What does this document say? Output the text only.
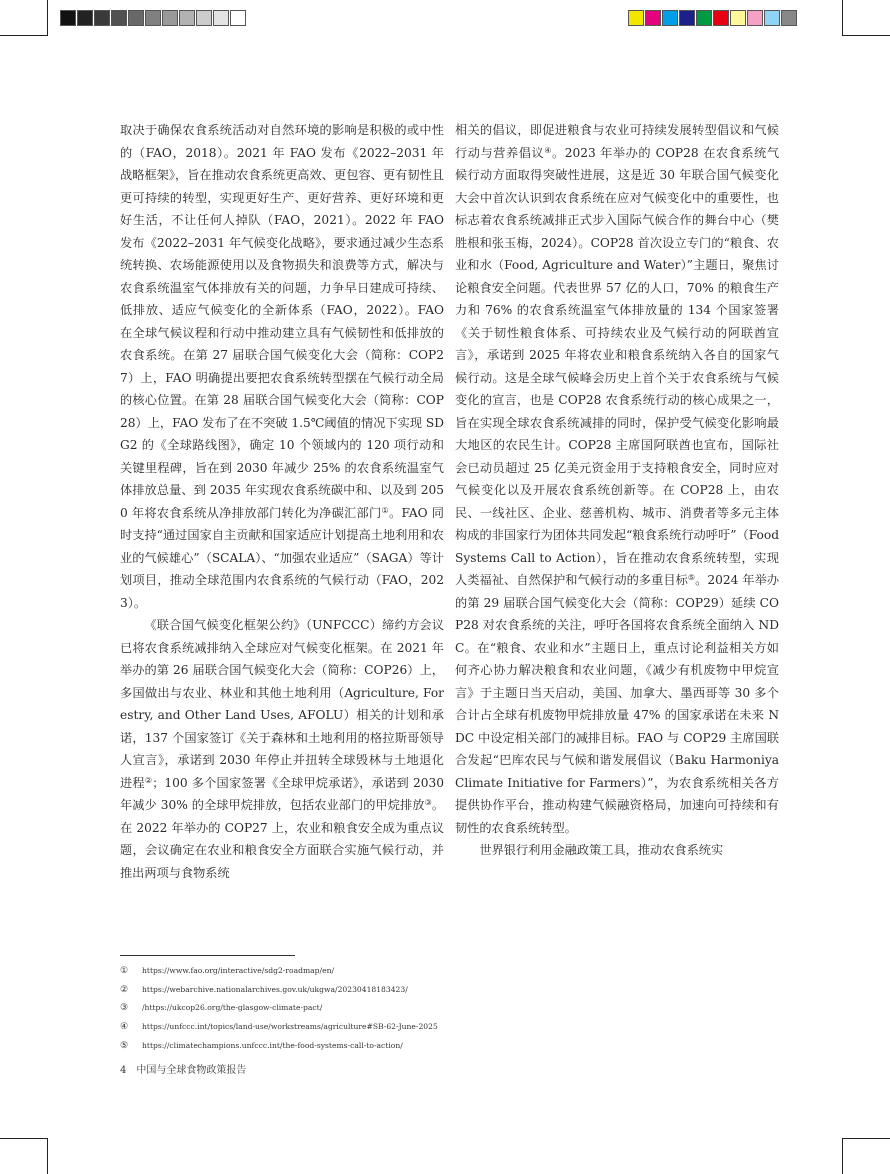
取决于确保农食系统活动对自然环境的影响是积极的或中性的（FAO，2018）。2021 年 FAO 发布《2022–2031 年战略框架》，旨在推动农食系统更高效、更包容、更有韧性且更可持续的转型，实现更好生产、更好营养、更好环境和更好生活，不让任何人掉队（FAO，2021）。2022 年 FAO 发布《2022–2031 年气候变化战略》，要求通过减少生态系统转换、农场能源使用以及食物损失和浪费等方式，解决与农食系统温室气体排放有关的问题，力争早日建成可持续、低排放、适应气候变化的全新体系（FAO，2022）。FAO 在全球气候议程和行动中推动建立具有气候韧性和低排放的农食系统。在第 27 届联合国气候变化大会（简称：COP27）上，FAO 明确提出要把农食系统转型摆在气候行动全局的核心位置。在第 28 届联合国气候变化大会（简称：COP28）上，FAO 发布了在不突破 1.5℃阈值的情况下实现 SDG2 的《全球路线图》，确定 10 个领域内的 120 项行动和关键里程碑，旨在到 2030 年减少 25% 的农食系统温室气体排放总量、到 2035 年实现农食系统碳中和、以及到 2050 年将农食系统从净排放部门转化为净碳汇部门①。FAO 同时支持“通过国家自主贡献和国家适应计划提高土地利用和农业的气候雄心”（SCALA）、“加强农业适应”（SAGA）等计划项目，推动全球范围内农食系统的气候行动（FAO，2023）。

《联合国气候变化框架公约》（UNFCCC）缔约方会议已将农食系统减排纳入全球应对气候变化框架。在 2021 年举办的第 26 届联合国气候变化大会（简称：COP26）上，多国做出与农业、林业和其他土地利用（Agriculture, Forestry, and Other Land Uses, AFOLU）相关的计划和承诺，137 个国家签订《关于森林和土地利用的格拉斯哥领导人宣言》，承诺到 2030 年停止并扭转全球毁林与土地退化进程②；100 多个国家签署《全球甲烷承诺》，承诺到 2030 年减少 30% 的全球甲烷排放，包括农业部门的甲烷排放③。在 2022 年举办的 COP27 上，农业和粮食安全成为重点议题，会议确定在农业和粮食安全方面联合实施气候行动，并推出两项与食物系统

相关的倡议，即促进粮食与农业可持续发展转型倡议和气候行动与营养倡议④。2023 年举办的 COP28 在农食系统气候行动方面取得突破性进展，这是近 30 年联合国气候变化大会中首次认识到农食系统在应对气候变化中的重要性，也标志着农食系统减排正式步入国际气候合作的舞台中心（樊胜根和张玉梅，2024）。COP28 首次设立专门的“粮食、农业和水（Food, Agriculture and Water）”主题日，聚焦讨论粮食安全问题。代表世界 57 亿的人口，70% 的粮食生产力和 76% 的农食系统温室气体排放量的 134 个国家签署《关于韧性粮食体系、可持续农业及气候行动的阿联酋宣言》，承诺到 2025 年将农业和粮食系统纳入各自的国家气候行动。这是全球气候峰会历史上首个关于农食系统与气候变化的宣言，也是 COP28 农食系统行动的核心成果之一，旨在实现全球农食系统减排的同时，保护受气候变化影响最大地区的农民生计。COP28 主席国阿联酋也宣布，国际社会已动员超过 25 亿美元资金用于支持粮食安全，同时应对气候变化以及开展农食系统创新等。在 COP28 上，由农民、一线社区、企业、慈善机构、城市、消费者等多元主体构成的非国家行为团体共同发起“粮食系统行动呼吁”（Food Systems Call to Action），旨在推动农食系统转型，实现人类福祉、自然保护和气候行动的多重目标⑤。2024 年举办的第 29 届联合国气候变化大会（简称：COP29）延续 COP28 对农食系统的关注，呼吁各国将农食系统全面纳入 NDC。在“粮食、农业和水”主题日上，重点讨论利益相关方如何齐心协力解决粮食和农业问题，《减少有机废物中甲烷宣言》于主题日当天启动，美国、加拿大、墨西哥等 30 多个合计占全球有机废物甲烷排放量 47% 的国家承诺在未来 NDC 中设定相关部门的减排目标。FAO 与 COP29 主席国联合发起“巴库农民与气候和谐发展倡议（Baku Harmoniya Climate Initiative for Farmers）”，为农食系统相关各方提供协作平台，推动构建气候融资格局，加速向可持续和有韧性的农食系统转型。

世界银行利用金融政策工具，推动农食系统实

①	https://www.fao.org/interactive/sdg2-roadmap/en/
②	https://webarchive.nationalarchives.gov.uk/ukgwa/20230418183423/
③	/https://ukcop26.org/the-glasgow-climate-pact/
④	https://unfccc.int/topics/land-use/workstreams/agriculture#SB-62-June-2025
⑤	https://climatechampions.unfccc.int/the-food-systems-call-to-action/
4 中国与全球食物政策报告
